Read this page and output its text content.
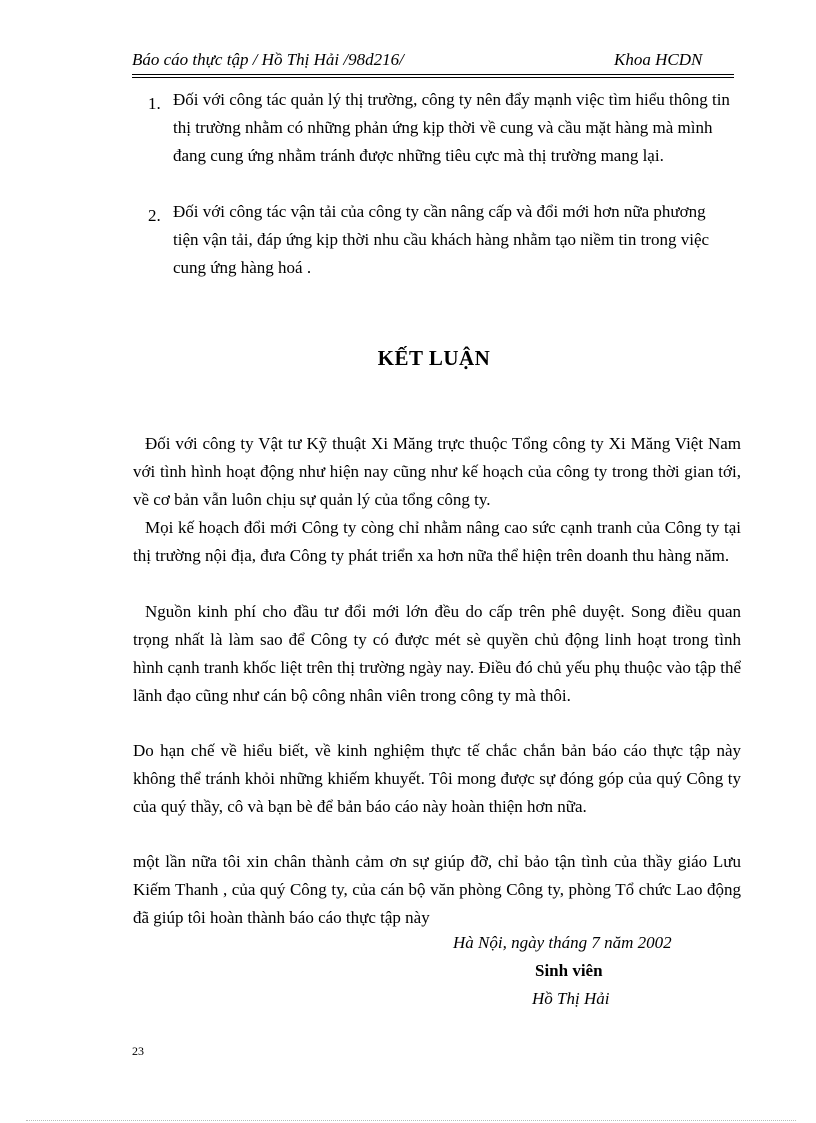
Báo cáo thực tập / Hồ Thị Hải /98d216/	Khoa HCDN
1. Đối với công tác quản lý thị trường, công ty nên đẩy mạnh việc tìm hiểu thông tin thị trường nhằm có những phản ứng kịp thời về cung và cầu mặt hàng mà mình đang cung ứng nhằm tránh được những tiêu cực mà thị trường mang lại.
2. Đối với công tác vận tải của công ty cần nâng cấp và đổi mới hơn nữa phương tiện vận tải, đáp ứng kịp thời nhu cầu khách hàng nhằm tạo niềm tin trong việc cung ứng hàng hoá .
KẾT LUẬN
Đối với công ty Vật tư Kỹ thuật Xi Măng trực thuộc Tổng công ty Xi Măng Việt Nam với tình hình hoạt động như hiện nay cũng như kế hoạch của công ty trong thời gian tới, về cơ bản vẫn luôn chịu sự quản lý của tổng công ty.
Mọi kế hoạch đổi mới Công ty còng chỉ nhằm nâng cao sức cạnh tranh của Công ty tại thị trường nội địa, đưa Công ty phát triển xa hơn nữa thể hiện trên doanh thu hàng năm.
Nguồn kinh phí cho đầu tư đổi mới lớn đều do cấp trên phê duyệt. Song điều quan trọng nhất là làm sao để Công ty có được mét sè quyền chủ động linh hoạt trong tình hình cạnh tranh khốc liệt trên thị trường ngày nay. Điều đó chủ yếu phụ thuộc vào tập thể lãnh đạo cũng như cán bộ công nhân viên trong công ty mà thôi.
Do hạn chế về hiểu biết, về kinh nghiệm thực tế chắc chắn bản báo cáo thực tập này không thể tránh khỏi những khiếm khuyết. Tôi mong được sự đóng góp của quý Công ty của quý thầy, cô và bạn bè để bản báo cáo này hoàn thiện hơn nữa.
một lần nữa tôi xin chân thành cảm ơn sự giúp đỡ, chỉ bảo tận tình của thầy giáo Lưu Kiếm Thanh , của quý Công ty, của cán bộ văn phòng Công ty, phòng Tổ chức Lao động đã giúp tôi hoàn thành báo cáo thực tập này
Hà Nội, ngày tháng 7 năm 2002
Sinh viên
Hồ Thị Hải
23
